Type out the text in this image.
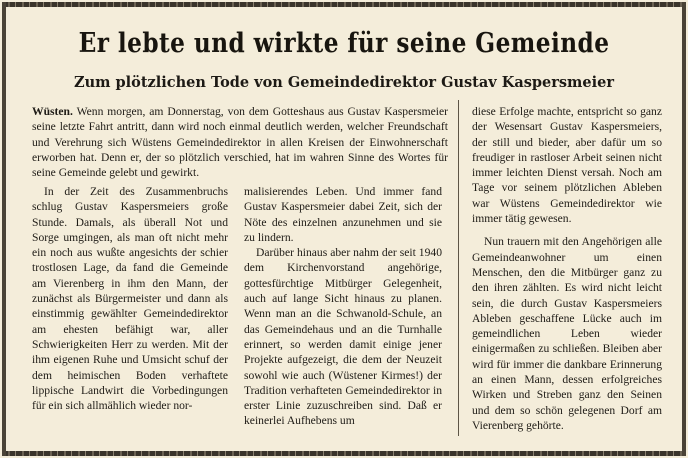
Er lebte und wirkte für seine Gemeinde
Zum plötzlichen Tode von Gemeindedirektor Gustav Kaspersmeier

Wüsten. Wenn morgen, am Donnerstag, von dem Gotteshaus aus Gustav Kaspersmeier seine letzte Fahrt antritt, dann wird noch einmal deutlich werden, welcher Freundschaft und Verehrung sich Wüstens Gemeindedirektor in allen Kreisen der Einwohnerschaft erworben hat. Denn er, der so plötzlich verschied, hat im wahren Sinne des Wortes für seine Gemeinde gelebt und gewirkt.

In der Zeit des Zusammenbruchs schlug Gustav Kaspersmeiers große Stunde. Damals, als überall Not und Sorge umgingen, als man oft nicht mehr ein noch aus wußte angesichts der schier trostlosen Lage, da fand die Gemeinde am Vierenberg in ihm den Mann, der zunächst als Bürgermeister und dann als einstimmig gewählter Gemeindedirektor am ehesten befähigt war, aller Schwierigkeiten Herr zu werden. Mit der ihm eigenen Ruhe und Umsicht schuf der dem heimischen Boden verhaftete lippische Landwirt die Vorbedingungen für ein sich allmählich wieder nor-

malisierendes Leben. Und immer fand Gustav Kaspersmeier dabei Zeit, sich der Nöte des einzelnen anzunehmen und sie zu lindern.

Darüber hinaus aber nahm der seit 1940 dem Kirchenvorstand angehörige, gottesfürchtige Mitbürger Gelegenheit, auch auf lange Sicht hinaus zu planen. Wenn man an die Schwanold-Schule, an das Gemeindehaus und an die Turnhalle erinnert, so werden damit einige jener Projekte aufgezeigt, die dem der Neuzeit sowohl wie auch (Wüstener Kirmes!) der Tradition verhafteten Gemeindedirektor in erster Linie zuzuschreiben sind. Daß er keinerlei Aufhebens um

diese Erfolge machte, entspricht so ganz der Wesensart Gustav Kaspersmeiers, der still und bieder, aber dafür um so freudiger in rastloser Arbeit seinen nicht immer leichten Dienst versah. Noch am Tage vor seinem plötzlichen Ableben war Wüstens Gemeindedirektor wie immer tätig gewesen.

Nun trauern mit den Angehörigen alle Gemeindeanwohner um einen Menschen, den die Mitbürger ganz zu den ihren zählten. Es wird nicht leicht sein, die durch Gustav Kaspersmeiers Ableben geschaffene Lücke auch im gemeindlichen Leben wieder einigermaßen zu schließen. Bleiben aber wird für immer die dankbare Erinnerung an einen Mann, dessen erfolgreiches Wirken und Streben ganz den Seinen und dem so schön gelegenen Dorf am Vierenberg gehörte.
